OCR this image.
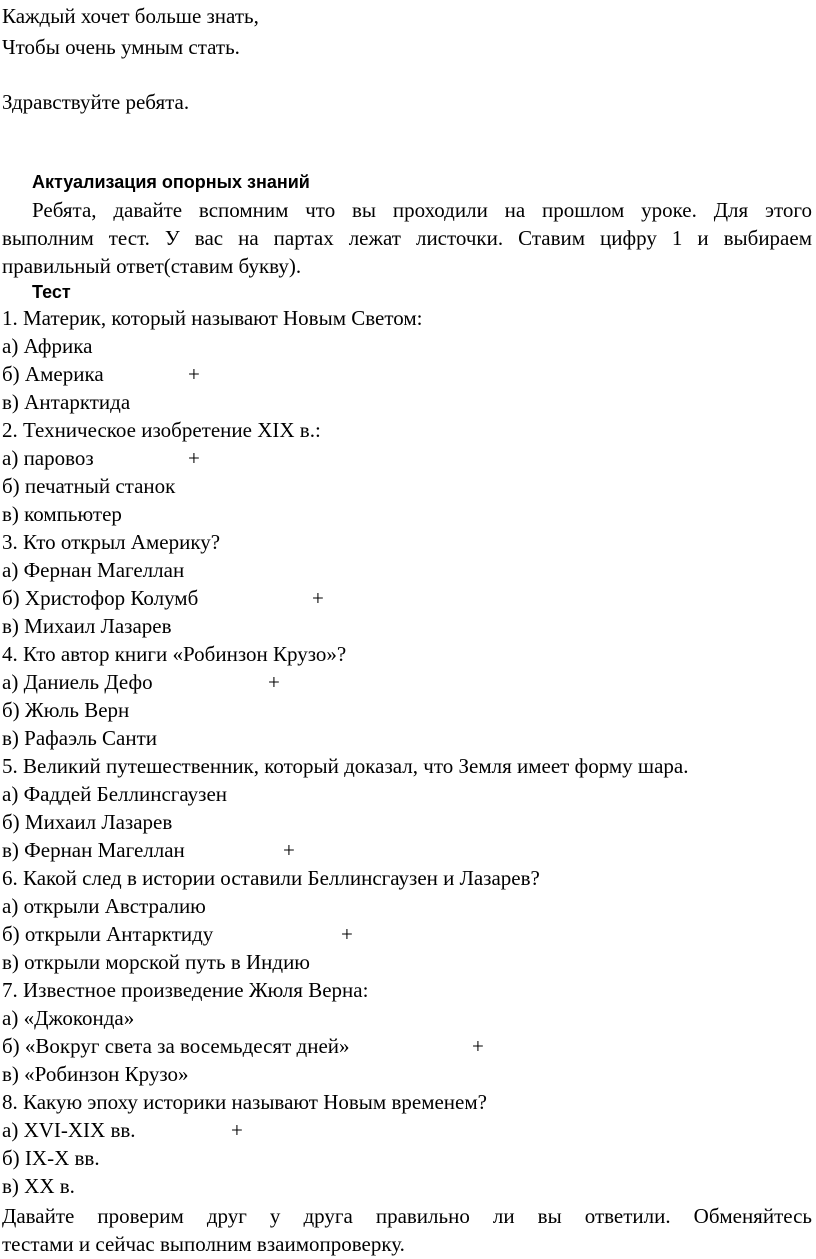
Каждый хочет больше знать,
Чтобы очень умным стать.
Здравствуйте ребята.
Актуализация опорных знаний
Ребята, давайте вспомним что вы проходили на прошлом уроке. Для этого
выполним тест. У вас на партах лежат листочки. Ставим цифру 1 и выбираем
правильный ответ(ставим букву).
Тест
1. Материк, который называют Новым Светом:
а) Африка
б) Америка	+
в) Антарктида
2. Техническое изобретение XIX в.:
а) паровоз	+
б) печатный станок
в) компьютер
3. Кто открыл Америку?
а) Фернан Магеллан
б) Христофор Колумб	+
в) Михаил Лазарев
4. Кто автор книги «Робинзон Крузо»?
а) Даниель Дефо	+
б) Жюль Верн
в) Рафаэль Санти
5. Великий путешественник, который доказал, что Земля имеет форму шара.
а) Фаддей Беллинсгаузен
б) Михаил Лазарев
в) Фернан Магеллан	+
6. Какой след в истории оставили Беллинсгаузен и Лазарев?
а) открыли Австралию
б) открыли Антарктиду	+
в) открыли морской путь в Индию
7. Известное произведение Жюля Верна:
а) «Джоконда»
б) «Вокруг света за восемьдесят дней»	+
в) «Робинзон Крузо»
8. Какую эпоху историки называют Новым временем?
а) XVI-XIX вв.	+
б) IX-X вв.
в) XX в.
Давайте проверим друг у друга правильно ли вы ответили. Обменяйтесь
тестами и сейчас выполним взаимопроверку.
